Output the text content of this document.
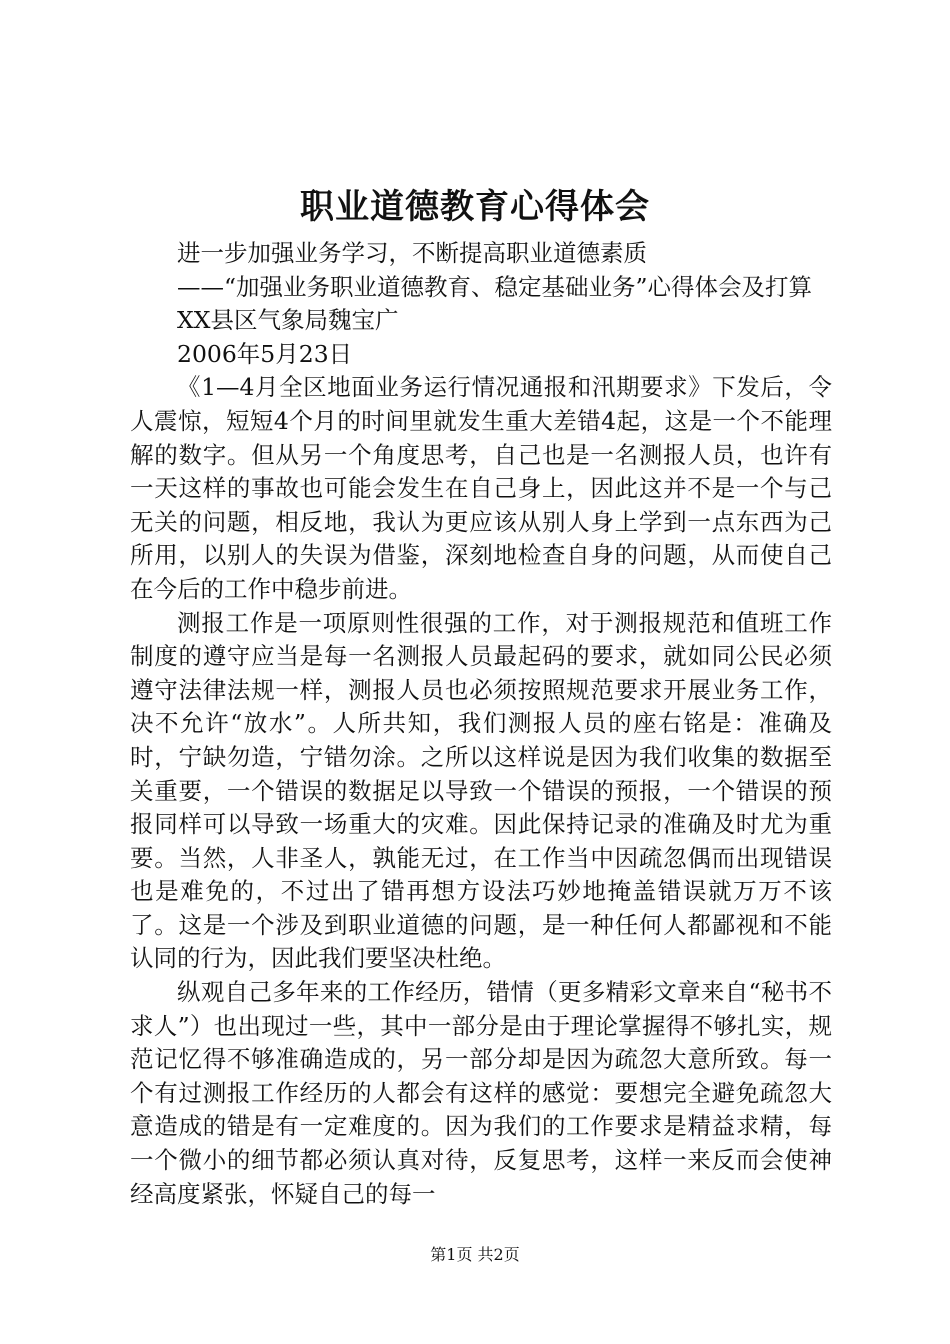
职业道德教育心得体会

进一步加强业务学习，不断提高职业道德素质

——“加强业务职业道德教育、稳定基础业务”心得体会及打算

XX县区气象局魏宝广

2006年5月23日

《1—4月全区地面业务运行情况通报和汛期要求》下发后，令人震惊，短短4个月的时间里就发生重大差错4起，这是一个不能理解的数字。但从另一个角度思考，自己也是一名测报人员，也许有一天这样的事故也可能会发生在自己身上，因此这并不是一个与己无关的问题，相反地，我认为更应该从别人身上学到一点东西为己所用，以别人的失误为借鉴，深刻地检查自身的问题，从而使自己在今后的工作中稳步前进。

测报工作是一项原则性很强的工作，对于测报规范和值班工作制度的遵守应当是每一名测报人员最起码的要求，就如同公民必须遵守法律法规一样，测报人员也必须按照规范要求开展业务工作，决不允许“放水”。人所共知，我们测报人员的座右铭是：准确及时，宁缺勿造，宁错勿涂。之所以这样说是因为我们收集的数据至关重要，一个错误的数据足以导致一个错误的预报，一个错误的预报同样可以导致一场重大的灾难。因此保持记录的准确及时尤为重要。当然，人非圣人，孰能无过，在工作当中因疏忽偶而出现错误也是难免的，不过出了错再想方设法巧妙地掩盖错误就万万不该了。这是一个涉及到职业道德的问题，是一种任何人都鄙视和不能认同的行为，因此我们要坚决杜绝。

纵观自己多年来的工作经历，错情（更多精彩文章来自“秘书不求人”）也出现过一些，其中一部分是由于理论掌握得不够扎实，规范记忆得不够准确造成的，另一部分却是因为疏忽大意所致。每一个有过测报工作经历的人都会有这样的感觉：要想完全避免疏忽大意造成的错是有一定难度的。因为我们的工作要求是精益求精，每一个微小的细节都必须认真对待，反复思考，这样一来反而会使神经高度紧张，怀疑自己的每一

第1页 共2页
